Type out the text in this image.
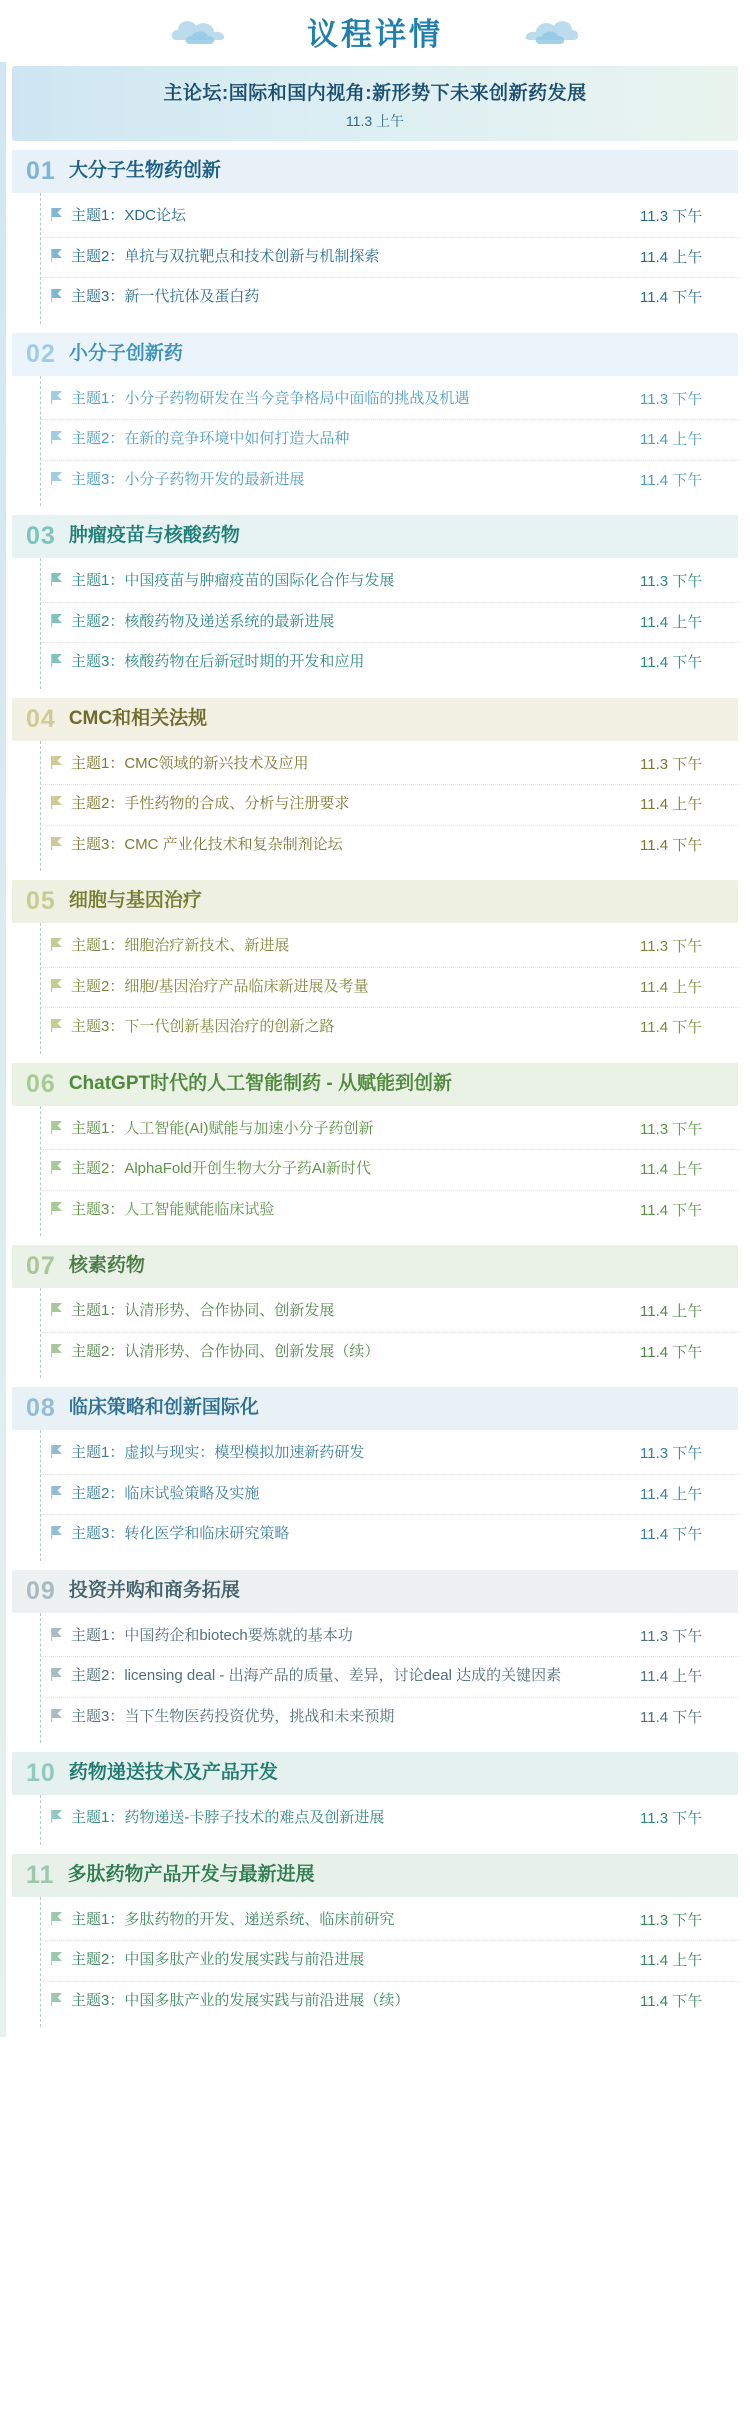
议程详情
主论坛:国际和国内视角:新形势下未来创新药发展
11.3 上午
01 大分子生物药创新
主题1：XDC论坛	11.3 下午
主题2：单抗与双抗靶点和技术创新与机制探索	11.4 上午
主题3：新一代抗体及蛋白药	11.4 下午
02 小分子创新药
主题1：小分子药物研发在当今竞争格局中面临的挑战及机遇	11.3 下午
主题2：在新的竞争环境中如何打造大品种	11.4 上午
主题3：小分子药物开发的最新进展	11.4 下午
03 肿瘤疫苗与核酸药物
主题1：中国疫苗与肿瘤疫苗的国际化合作与发展	11.3 下午
主题2：核酸药物及递送系统的最新进展	11.4 上午
主题3：核酸药物在后新冠时期的开发和应用	11.4 下午
04 CMC和相关法规
主题1：CMC领域的新兴技术及应用	11.3 下午
主题2：手性药物的合成、分析与注册要求	11.4 上午
主题3：CMC 产业化技术和复杂制剂论坛	11.4 下午
05 细胞与基因治疗
主题1：细胞治疗新技术、新进展	11.3 下午
主题2：细胞/基因治疗产品临床新进展及考量	11.4 上午
主题3：下一代创新基因治疗的创新之路	11.4 下午
06 ChatGPT时代的人工智能制药 - 从赋能到创新
主题1：人工智能(AI)赋能与加速小分子药创新	11.3 下午
主题2：AlphaFold开创生物大分子药AI新时代	11.4 上午
主题3：人工智能赋能临床试验	11.4 下午
07 核素药物
主题1：认清形势、合作协同、创新发展	11.4 上午
主题2：认清形势、合作协同、创新发展（续）	11.4 下午
08 临床策略和创新国际化
主题1：虚拟与现实：模型模拟加速新药研发	11.3 下午
主题2：临床试验策略及实施	11.4 上午
主题3：转化医学和临床研究策略	11.4 下午
09 投资并购和商务拓展
主题1：中国药企和biotech要炼就的基本功	11.3 下午
主题2：licensing deal - 出海产品的质量、差异，讨论deal 达成的关键因素	11.4 上午
主题3：当下生物医药投资优势，挑战和未来预期	11.4 下午
10 药物递送技术及产品开发
主题1：药物递送-卡脖子技术的难点及创新进展	11.3 下午
11 多肽药物产品开发与最新进展
主题1：多肽药物的开发、递送系统、临床前研究	11.3 下午
主题2：中国多肽产业的发展实践与前沿进展	11.4 上午
主题3：中国多肽产业的发展实践与前沿进展（续）	11.4 下午
